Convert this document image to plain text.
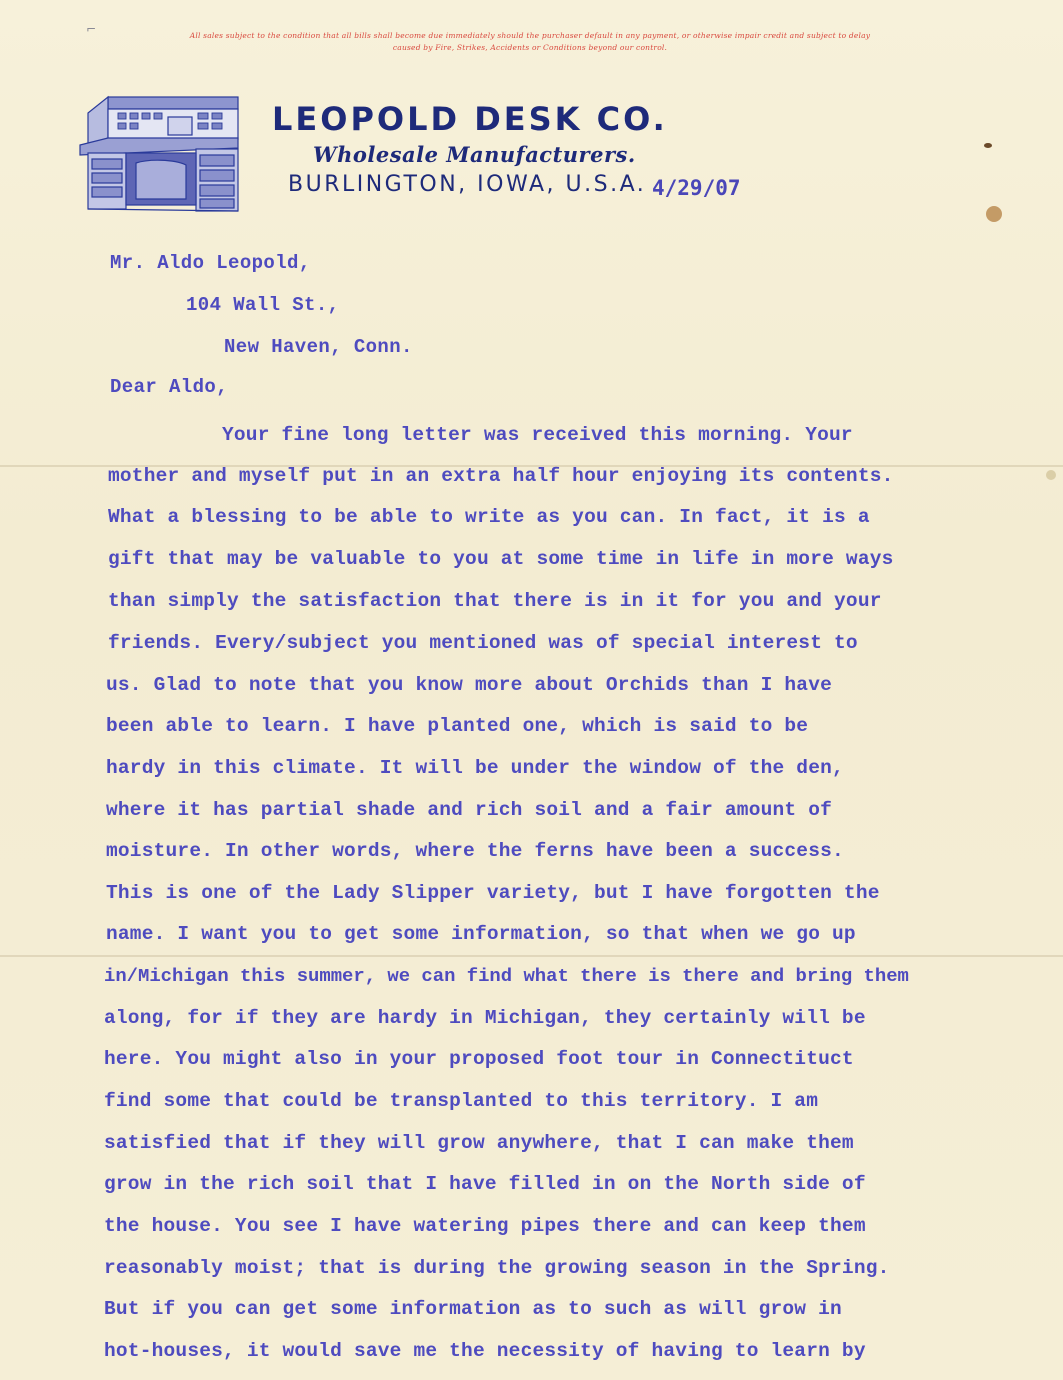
⌐	All sales subject to the condition that all bills shall become due immediately should the purchaser default in any payment, or otherwise impair credit and subject to delay
caused by Fire, Strikes, Accidents or Conditions beyond our control.
LEOPOLD DESK CO.
Wholesale Manufacturers.
BURLINGTON, IOWA, U.S.A. 4/29/07
Mr. Aldo Leopold,
104 Wall St.,
New Haven, Conn.
Dear Aldo,
Your fine long letter was received this morning. Your
mother and myself put in an extra half hour enjoying its contents.
What a blessing to be able to write as you can. In fact, it is a
gift that may be valuable to you at some time in life in more ways
than simply the satisfaction that there is in it for you and your
friends. Every/subject you mentioned was of special interest to
us. Glad to note that you know more about Orchids than I have
been able to learn. I have planted one, which is said to be
hardy in this climate. It will be under the window of the den,
where it has partial shade and rich soil and a fair amount of
moisture. In other words, where the ferns have been a success.
This is one of the Lady Slipper variety, but I have forgotten the
name. I want you to get some information, so that when we go up
in/Michigan this summer, we can find what there is there and bring them
along, for if they are hardy in Michigan, they certainly will be
here. You might also in your proposed foot tour in Connectituct
find some that could be transplanted to this territory. I am
satisfied that if they will grow anywhere, that I can make them
grow in the rich soil that I have filled in on the North side of
the house. You see I have watering pipes there and can keep them
reasonably moist; that is during the growing season in the Spring.
But if you can get some information as to such as will grow in
hot-houses, it would save me the necessity of having to learn by
